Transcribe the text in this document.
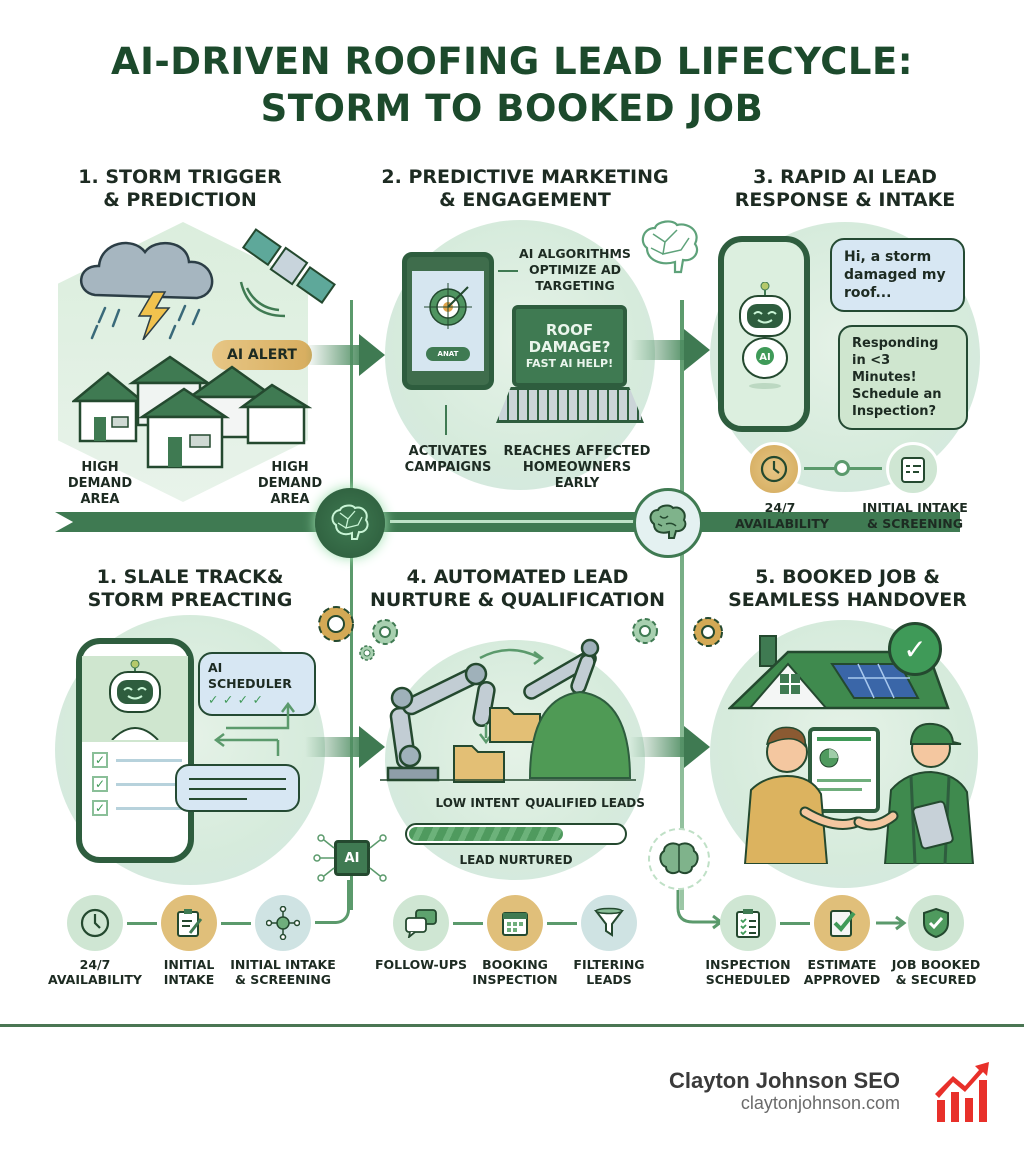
AI-DRIVEN ROOFING LEAD LIFECYCLE:
STORM TO BOOKED JOB
1. STORM TRIGGER
& PREDICTION
AI ALERT
HIGH
DEMAND
AREA
HIGH
DEMAND
AREA
2. PREDICTIVE MARKETING
& ENGAGEMENT
ANAT
AI ALGORITHMS
OPTIMIZE AD
TARGETING
ROOF
DAMAGE?
FAST AI HELP!
ACTIVATES
CAMPAIGNS
REACHES AFFECTED
HOMEOWNERS
EARLY
3. RAPID AI LEAD
RESPONSE & INTAKE
AI
Hi, a storm damaged my roof...
Responding in <3 Minutes! Schedule an Inspection?
24/7
AVAILABILITY
INITIAL INTAKE
& SCREENING
1. SLALE TRACK&
STORM PREACTING
✓
✓
✓
AI SCHEDULER
✓ ✓ ✓ ✓
4. AUTOMATED LEAD
NURTURE & QUALIFICATION
LOW INTENT QUALIFIED LEADS
LEAD NURTURED
AI
5. BOOKED JOB &
SEAMLESS HANDOVER
✓
24/7
AVAILABILITY
INITIAL
INTAKE
INITIAL INTAKE
& SCREENING
FOLLOW-UPS	BOOKING
INSPECTION
FILTERING
LEADS
INSPECTION
SCHEDULED
ESTIMATE
APPROVED
JOB BOOKED
& SECURED
Clayton Johnson SEO
claytonjohnson.com
